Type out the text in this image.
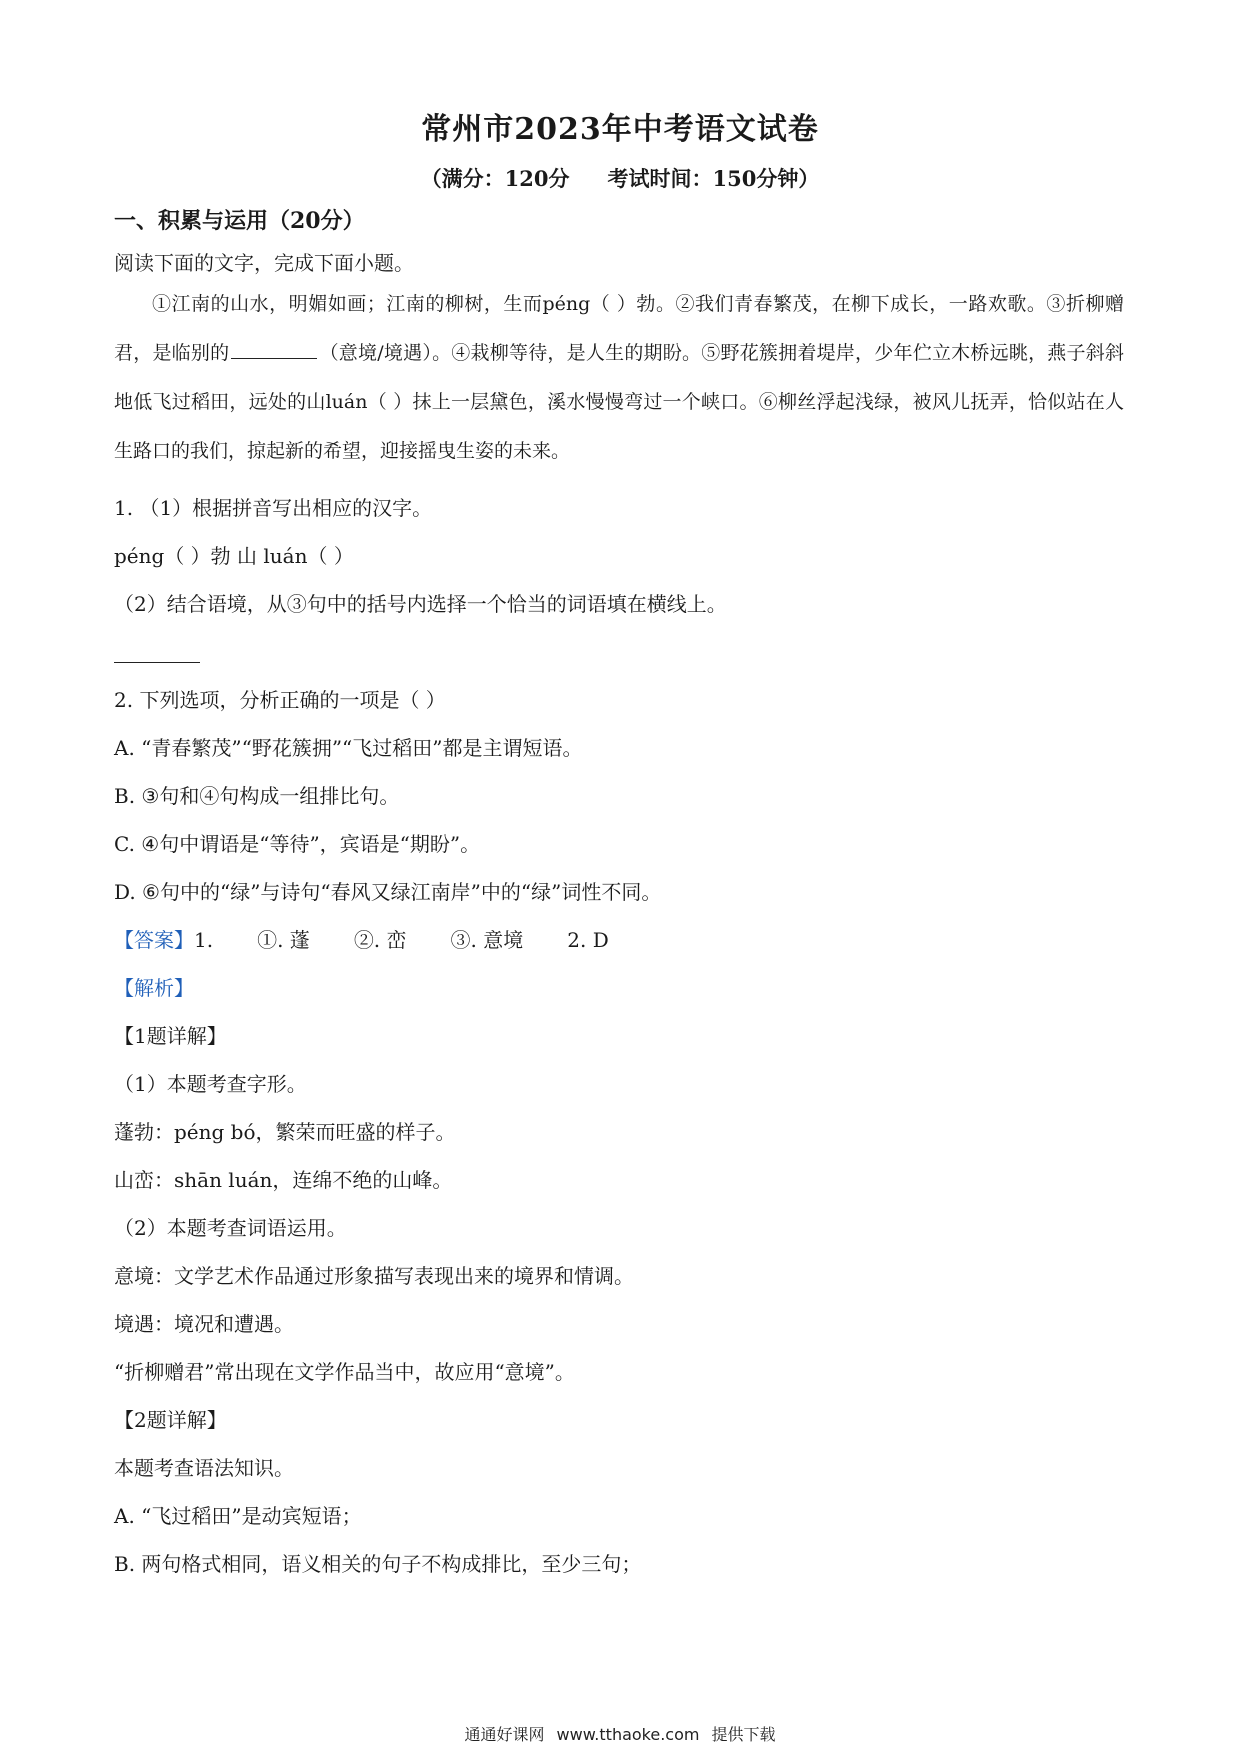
常州市2023年中考语文试卷
（满分：120分 考试时间：150分钟）
一、积累与运用（20分）
阅读下面的文字，完成下面小题。

①江南的山水，明媚如画；江南的柳树，生而péng（ ）勃。②我们青春繁茂，在柳下成长，一路欢歌。③折柳赠君，是临别的	（意境/境遇）。④栽柳等待，是人生的期盼。⑤野花簇拥着堤岸，少年伫立木桥远眺，燕子斜斜地低飞过稻田，远处的山luán（ ）抹上一层黛色，溪水慢慢弯过一个峡口。⑥柳丝浮起浅绿，被风儿抚弄，恰似站在人生路口的我们，掠起新的希望，迎接摇曳生姿的未来。

1. （1）根据拼音写出相应的汉字。
péng（ ）勃 山 luán（ ）
（2）结合语境，从③句中的括号内选择一个恰当的词语填在横线上。
2. 下列选项，分析正确的一项是（ ）
A. “青春繁茂”“野花簇拥”“飞过稻田”都是主谓短语。
B. ③句和④句构成一组排比句。
C. ④句中谓语是“等待”，宾语是“期盼”。
D. ⑥句中的“绿”与诗句“春风又绿江南岸”中的“绿”词性不同。
【答案】1. ①. 蓬 ②. 峦 ③. 意境 2. D
【解析】
【1题详解】
（1）本题考查字形。
蓬勃：péng bó，繁荣而旺盛的样子。
山峦：shān luán，连绵不绝的山峰。
（2）本题考查词语运用。
意境：文学艺术作品通过形象描写表现出来的境界和情调。
境遇：境况和遭遇。
“折柳赠君”常出现在文学作品当中，故应用“意境”。
【2题详解】
本题考查语法知识。
A. “飞过稻田”是动宾短语；
B. 两句格式相同，语义相关的句子不构成排比，至少三句；
通通好课网 www.tthaoke.com 提供下载
